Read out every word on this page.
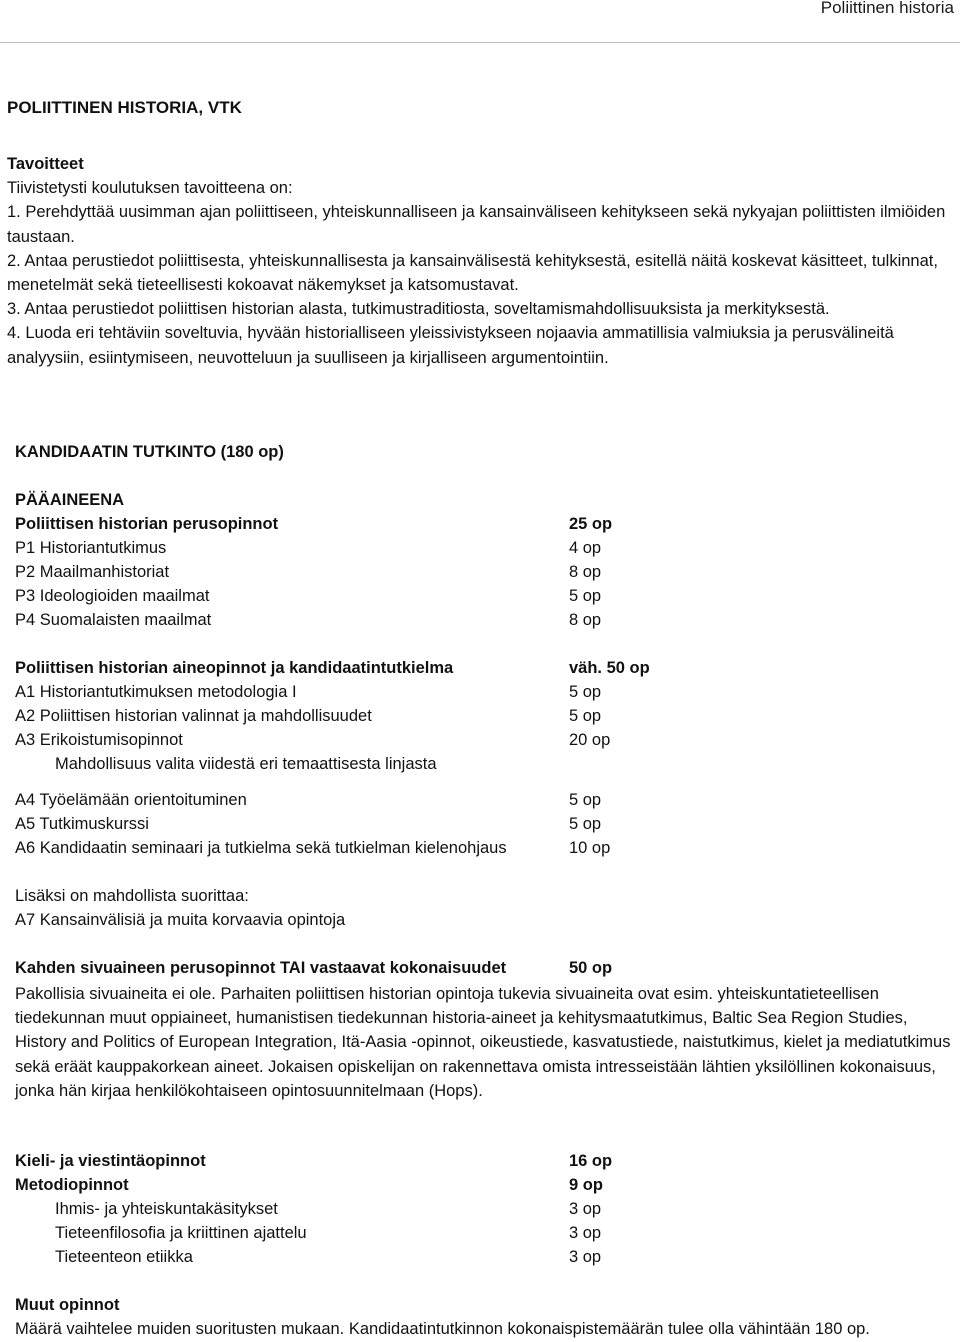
Poliittinen historia
POLIITTINEN HISTORIA, VTK

Tavoitteet

Tiivistetysti koulutuksen tavoitteena on:

1. Perehdyttää uusimman ajan poliittiseen, yhteiskunnalliseen ja kansainväliseen kehitykseen sekä nykyajan poliittisten ilmiöiden taustaan.

2. Antaa perustiedot poliittisesta, yhteiskunnallisesta ja kansainvälisestä kehityksestä, esitellä näitä koskevat käsitteet, tulkinnat, menetelmät sekä tieteellisesti kokoavat näkemykset ja katsomustavat.

3. Antaa perustiedot poliittisen historian alasta, tutkimustraditiosta, soveltamismahdollisuuksista ja merkityksestä.

4. Luoda eri tehtäviin soveltuvia, hyvään historialliseen yleissivistykseen nojaavia ammatillisia valmiuksia ja perusvälineitä analyysiin, esiintymiseen, neuvotteluun ja suulliseen ja kirjalliseen argumentointiin.

KANDIDAATIN TUTKINTO (180 op)
PÄÄAINEENA
Poliittisen historian perusopinnot	25 op
P1 Historiantutkimus	4 op
P2 Maailmanhistoriat	8 op
P3 Ideologioiden maailmat	5 op
P4 Suomalaisten maailmat	8 op
Poliittisen historian aineopinnot ja kandidaatintutkielma	väh. 50 op
A1 Historiantutkimuksen metodologia I	5 op
A2 Poliittisen historian valinnat ja mahdollisuudet	5 op
A3 Erikoistumisopinnot	20 op
Mahdollisuus valita viidestä eri temaattisesta linjasta
A4 Työelämään orientoituminen	5 op
A5 Tutkimuskurssi	5 op
A6 Kandidaatin seminaari ja tutkielma sekä tutkielman kielenohjaus	10 op
Lisäksi on mahdollista suorittaa:
A7 Kansainvälisiä ja muita korvaavia opintoja
Kahden sivuaineen perusopinnot TAI vastaavat kokonaisuudet	50 op
Pakollisia sivuaineita ei ole. Parhaiten poliittisen historian opintoja tukevia sivuaineita ovat esim. yhteiskuntatieteellisen tiedekunnan muut oppiaineet, humanistisen tiedekunnan historia-aineet ja kehitysmaatutkimus, Baltic Sea Region Studies, History and Politics of European Integration, Itä-Aasia -opinnot, oikeustiede, kasvatustiede, naistutkimus, kielet ja mediatutkimus sekä eräät kauppakorkean aineet. Jokaisen opiskelijan on rakennettava omista intresseistään lähtien yksilöllinen kokonaisuus, jonka hän kirjaa henkilökohtaiseen opintosuunnitelmaan (Hops).
Kieli- ja viestintäopinnot	16 op
Metodiopinnot	9 op
Ihmis- ja yhteiskuntakäsitykset	3 op
Tieteenfilosofia ja kriittinen ajattelu	3 op
Tieteenteon etiikka	3 op
Muut opinnot
Määrä vaihtelee muiden suoritusten mukaan. Kandidaatintutkinnon kokonaispistemäärän tulee olla vähintään 180 op.
